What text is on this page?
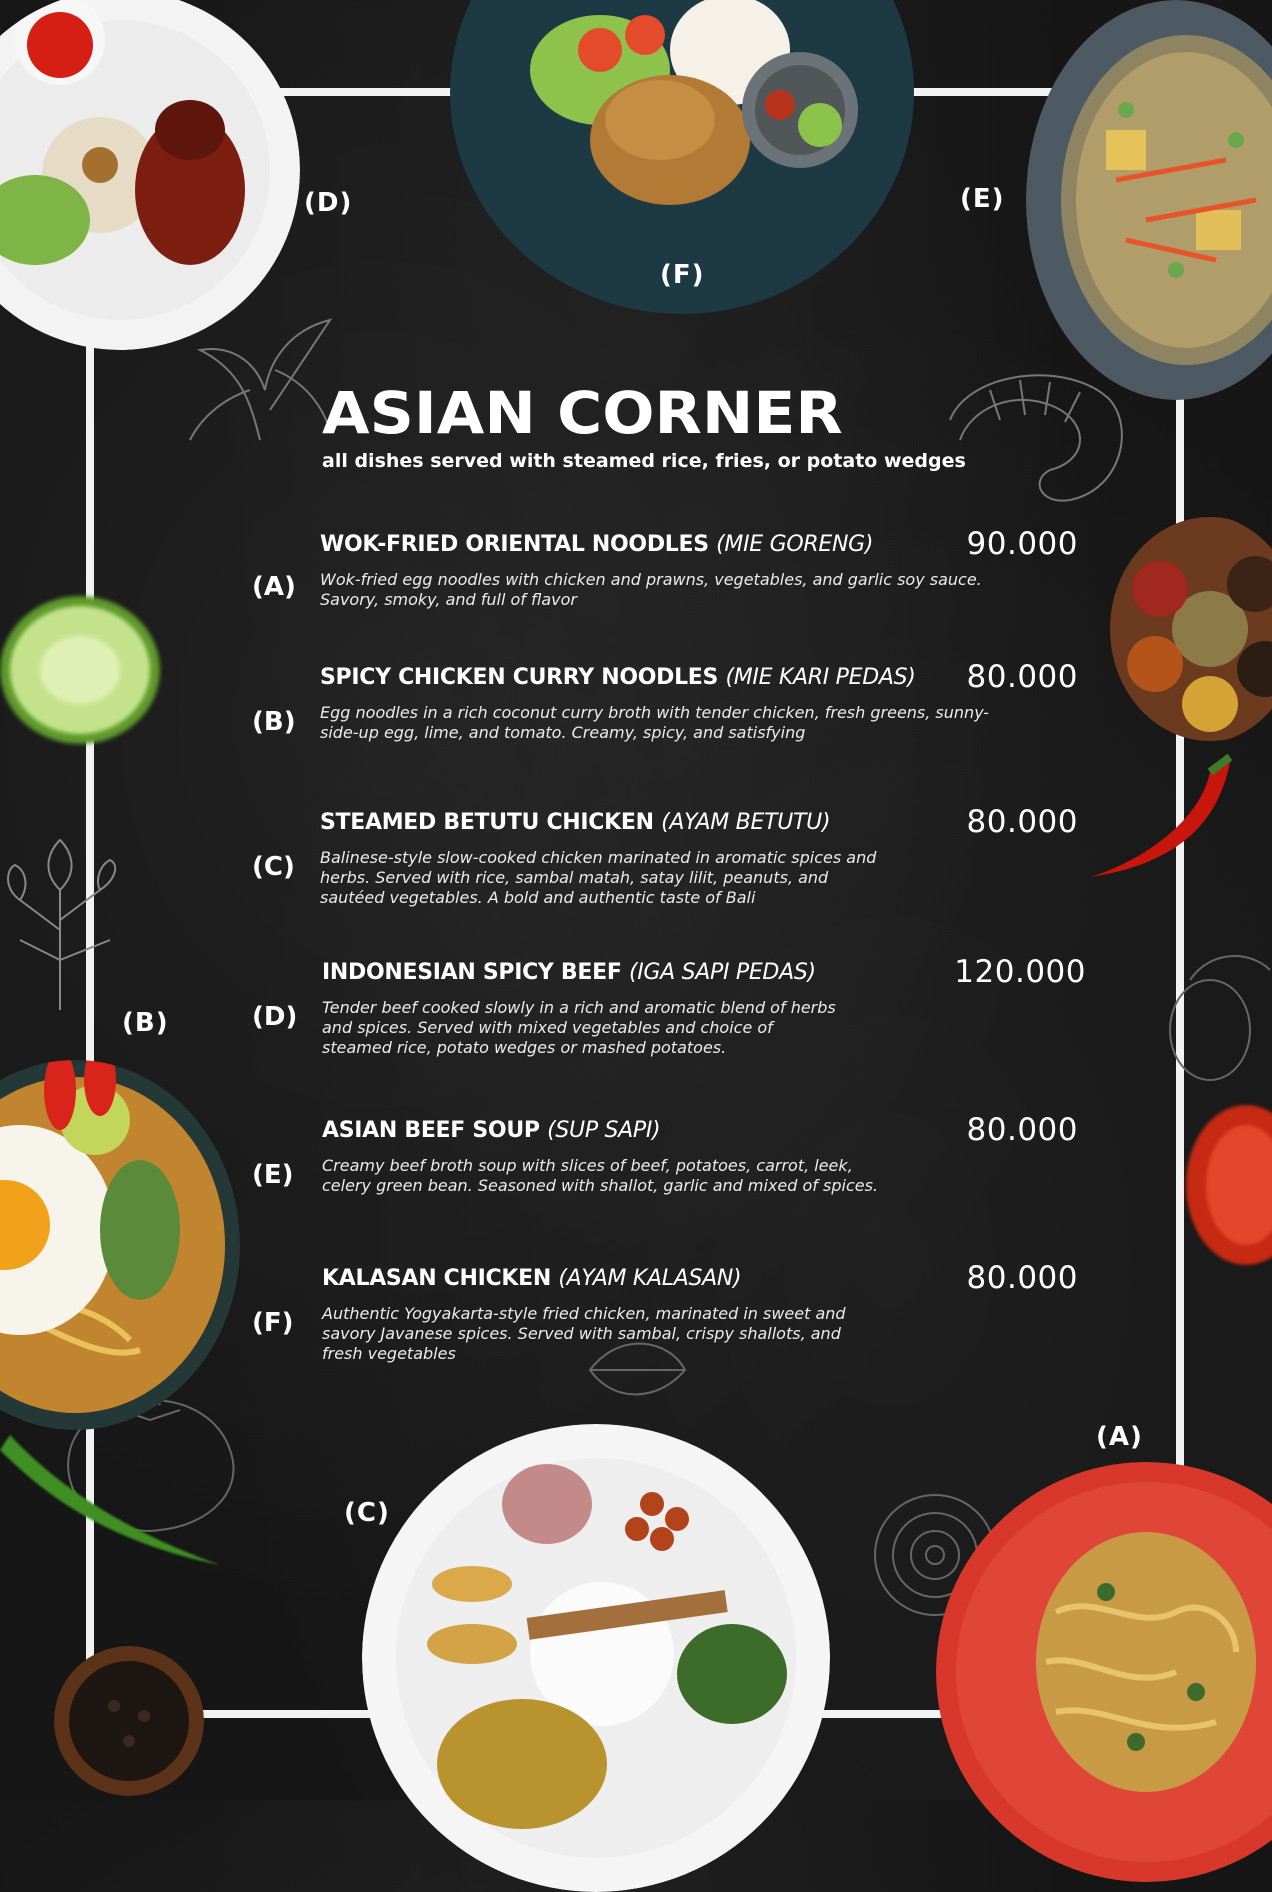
(D)
(F)
(E)
(B)
(C)
(A)
ASIAN CORNER
all dishes served with steamed rice, fries, or potato wedges
(A)
WOK-FRIED ORIENTAL NOODLES (MIE GORENG)	90.000
Wok-fried egg noodles with chicken and prawns, vegetables, and garlic soy sauce. Savory, smoky, and full of flavor
(B)
SPICY CHICKEN CURRY NOODLES (MIE KARI PEDAS) 80.000
Egg noodles in a rich coconut curry broth with tender chicken, fresh greens, sunny-side-up egg, lime, and tomato. Creamy, spicy, and satisfying
(C)
STEAMED BETUTU CHICKEN (AYAM BETUTU)	80.000
Balinese-style slow-cooked chicken marinated in aromatic spices and herbs. Served with rice, sambal matah, satay lilit, peanuts, and sautéed vegetables. A bold and authentic taste of Bali
(D)
INDONESIAN SPICY BEEF (IGA SAPI PEDAS)	120.000
Tender beef cooked slowly in a rich and aromatic blend of herbs and spices. Served with mixed vegetables and choice of steamed rice, potato wedges or mashed potatoes.
(E)
ASIAN BEEF SOUP (SUP SAPI)	80.000
Creamy beef broth soup with slices of beef, potatoes, carrot, leek, celery green bean. Seasoned with shallot, garlic and mixed of spices.
(F)
KALASAN CHICKEN (AYAM KALASAN)	80.000
Authentic Yogyakarta-style fried chicken, marinated in sweet and savory Javanese spices. Served with sambal, crispy shallots, and fresh vegetables
